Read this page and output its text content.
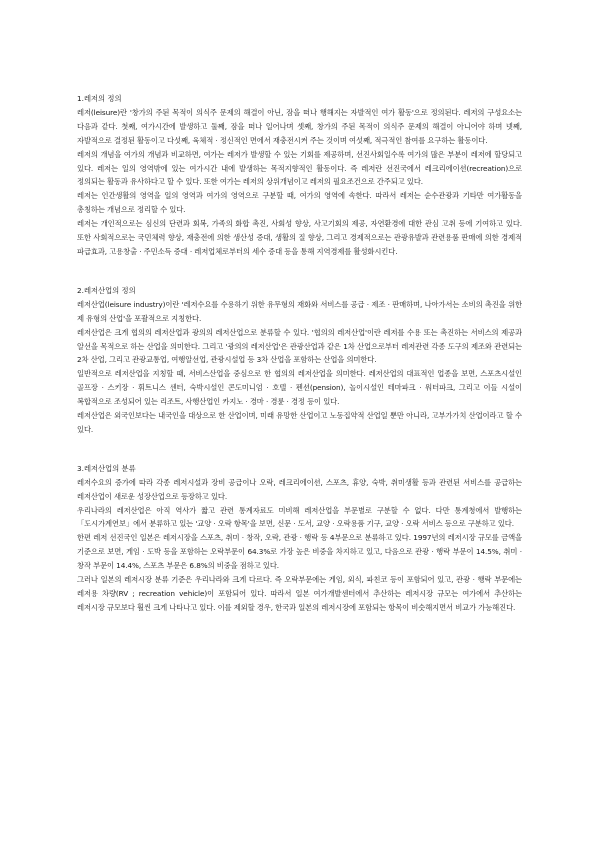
1.레저의 정의

레저(leisure)란 '창가의 주된 목적이 의식주 문제의 해결이 아닌, 잠을 떠나 행해지는 자발적인 여가 활동'으로 정의된다. 레저의 구성요소는 다음과 같다. 첫째, 여가시간에 발생하고 둘째, 잠을 떠나 일어나며 셋째, 창가의 주된 목적이 의식주 문제의 해결이 아니어야 하며 넷째, 자발적으로 결정된 활동이고 다섯째, 육체적 · 정신적인 면에서 재충전시켜 주는 것이며 여섯째, 적극적인 참여를 요구하는 활동이다.

레저의 개념을 여가의 개념과 비교하면, 여가는 레저가 발생할 수 있는 기회를 제공하며, 선진사회일수록 여가의 많은 부분이 레저에 할당되고 있다. 레저는 일의 영역밖에 있는 여가시간 내에 발생하는 목적지향적인 활동이다. 즉 레저란 선진국에서 레크리에이션(recreation)으로 정의되는 활동과 유사하다고 할 수 있다. 또한 여가는 레저의 상위개념이고 레저의 필요조건으로 간주되고 있다.

레저는 인간생활의 영역을 일의 영역과 여가의 영역으로 구분할 때, 여가의 영역에 속한다. 따라서 레저는 순수관광과 기타만 여가활동을 총칭하는 개념으로 정리할 수 있다.

레저는 개인적으로는 심신의 단련과 회복, 가족의 화합 촉진, 사회성 향상, 사고기회의 제공, 자연환경에 대한 관심 고취 등에 기여하고 있다. 또한 사회적으로는 국민체력 향상, 재충전에 의한 생산성 증대, 생활의 질 향상, 그리고 경제적으로는 관광유발과 관련용품 판매에 의한 경제적 파급효과, 고용창출 · 주민소득 증대 · 레저업체로부터의 세수 증대 등을 통해 지역경제를 활성화시킨다.

2.레저산업의 정의

레저산업(leisure industry)이란 '레저수요를 수용하기 위한 유무형의 재화와 서비스를 공급 · 제조 · 판매하며, 나아가서는 소비의 촉진을 위한 제 유형의 산업'을 포괄적으로 지칭한다.

레저산업은 크게 협의의 레저산업과 광의의 레저산업으로 분류할 수 있다. '협의의 레저산업'이란 레저를 수용 또는 촉진하는 서비스의 제공과 알선을 목적으로 하는 산업을 의미한다. 그리고 '광의의 레저산업'은 관광산업과 같은 1차 산업으로부터 레저관련 각종 도구의 제조와 관련되는 2차 산업, 그리고 관광교통업, 여행알선업, 관광시설업 등 3차 산업을 포함하는 산업을 의미한다.

일반적으로 레저산업을 지칭할 때, 서비스산업을 중심으로 한 협의의 레저산업을 의미한다. 레저산업의 대표적인 업종을 보면, 스포츠시설인 골프장 · 스키장 · 휘트니스 센터, 숙박시설인 콘도미니엄 · 호텔 · 펜션(pension), 놀이시설인 테마파크 · 워터파크, 그리고 이들 시설이 복합적으로 조성되어 있는 리조트, 사행산업인 카지노 · 경마 · 경륜 · 경정 등이 있다.

레저산업은 외국인보다는 내국인을 대상으로 한 산업이며, 미래 유망한 산업이고 노동집약적 산업일 뿐만 아니라, 고부가가치 산업이라고 할 수 있다.

3.레저산업의 분류

레저수요의 증가에 따라 각종 레저시설과 장비 공급이나 오락, 레크리에이션, 스포츠, 휴양, 숙박, 취미생활 등과 관련된 서비스를 공급하는 레저산업이 새로운 성장산업으로 등장하고 있다.

우리나라의 레저산업은 아직 역사가 짧고 관련 통계자료도 미비해 레저산업을 부문별로 구분할 수 없다. 다만 통계청에서 발행하는 「도시가계연보」에서 분류하고 있는 '교양 · 오락 항목'을 보면, 신문 · 도서, 교양 · 오락용품 기구, 교양 · 오락 서비스 등으로 구분하고 있다.

한편 레저 선진국인 일본은 레저시장을 스포츠, 취미 · 창작, 오락, 관광 · 행락 등 4부문으로 분류하고 있다. 1997년의 레저시장 규모를 금액을 기준으로 보면, 게임 · 도박 등을 포함하는 오락부문이 64.3%로 가장 높은 비중을 차지하고 있고, 다음으로 관광 · 행락 부문이 14.5%, 취미 · 창작 부문이 14.4%, 스포츠 부문은 6.8%의 비중을 점하고 있다.

그러나 일본의 레저시장 분류 기준은 우리나라와 크게 다르다. 즉 오락부문에는 게임, 외식, 파친코 등이 포함되어 있고, 관광 · 행락 부문에는 레저용 차량(RV ; recreation vehicle)이 포함되어 있다. 따라서 일본 여가개발센터에서 추산하는 레저시장 규모는 여가에서 추산하는 레저시장 규모보다 훨씬 크게 나타나고 있다. 이를 제외할 경우, 한국과 일본의 레저시장에 포함되는 항목이 비슷해지면서 비교가 가능해진다.
